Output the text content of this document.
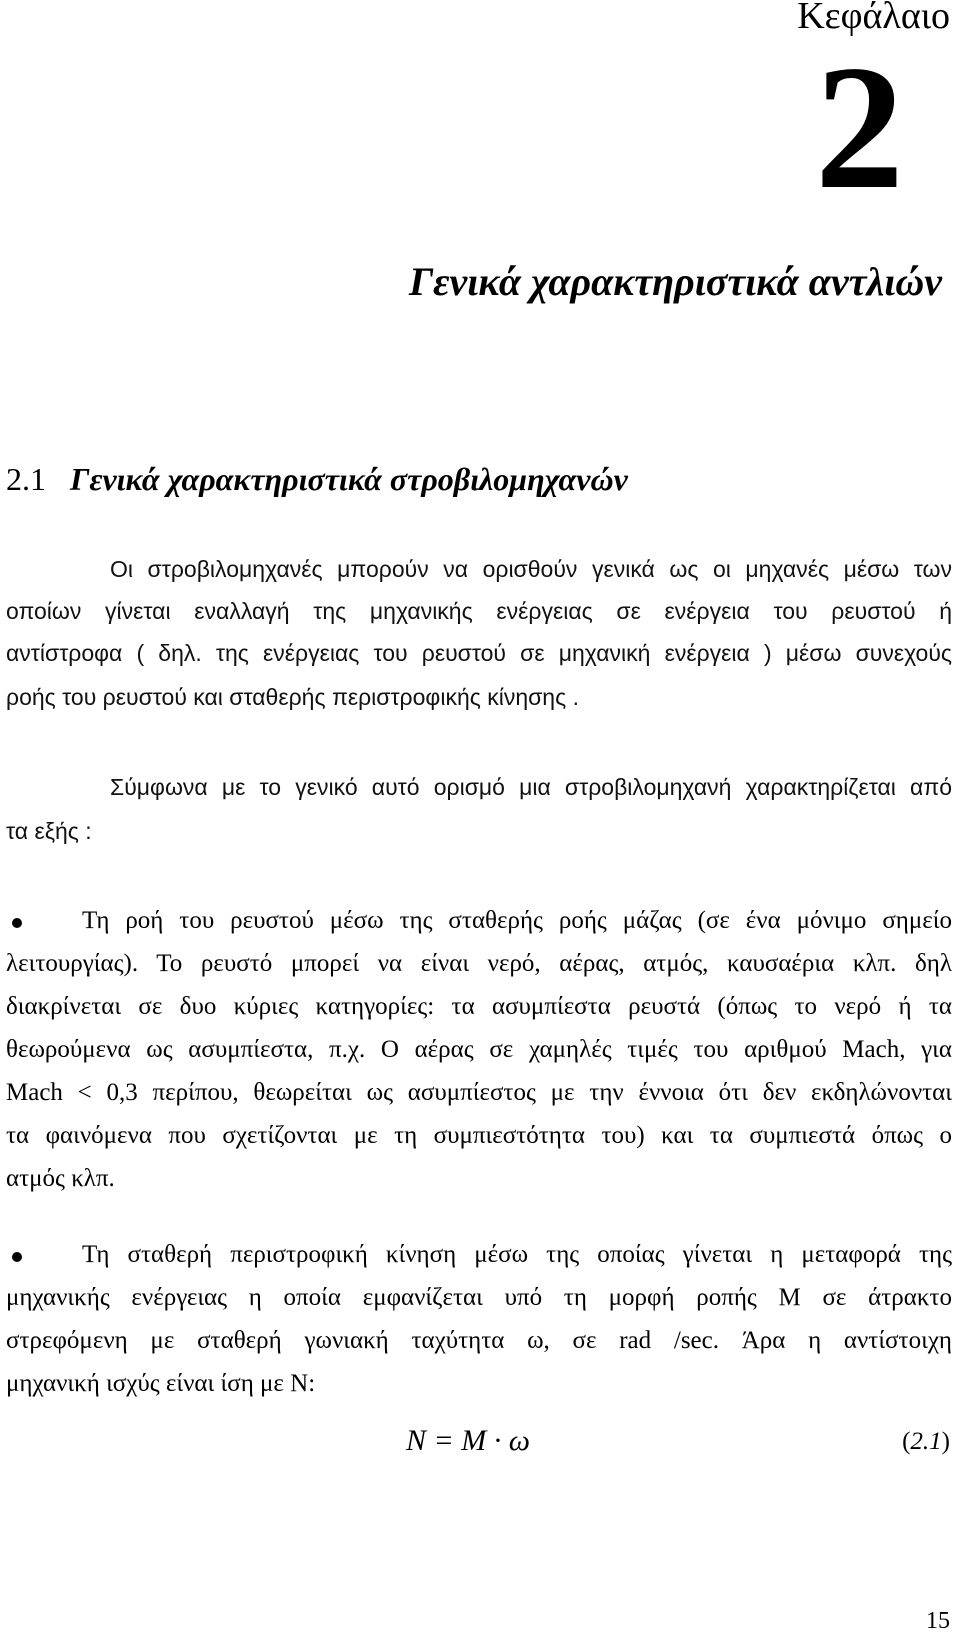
Κεφάλαιο
2
Γενικά χαρακτηριστικά αντλιών
2.1 Γενικά χαρακτηριστικά στροβιλομηχανών
Οι στροβιλομηχανές μπορούν να ορισθούν γενικά ως οι μηχανές μέσω των
οποίων γίνεται εναλλαγή της μηχανικής ενέργειας σε ενέργεια του ρευστού ή
αντίστροφα ( δηλ. της ενέργειας του ρευστού σε μηχανική ενέργεια ) μέσω συνεχούς
ροής του ρευστού και σταθερής περιστροφικής κίνησης .
Σύμφωνα με το γενικό αυτό ορισμό μια στροβιλομηχανή χαρακτηρίζεται από
τα εξής :
Τη ροή του ρευστού μέσω της σταθερής ροής μάζας (σε ένα μόνιμο σημείο
λειτουργίας). Το ρευστό μπορεί να είναι νερό, αέρας, ατμός, καυσαέρια κλπ. δηλ
διακρίνεται σε δυο κύριες κατηγορίες: τα ασυμπίεστα ρευστά (όπως το νερό ή τα
θεωρούμενα ως ασυμπίεστα, π.χ. Ο αέρας σε χαμηλές τιμές του αριθμού Mach, για
Mach < 0,3 περίπου, θεωρείται ως ασυμπίεστος με την έννοια ότι δεν εκδηλώνονται
τα φαινόμενα που σχετίζονται με τη συμπιεστότητα του) και τα συμπιεστά όπως ο
ατμός κλπ.
Τη σταθερή περιστροφική κίνηση μέσω της οποίας γίνεται η μεταφορά της
μηχανικής ενέργειας η οποία εμφανίζεται υπό τη μορφή ροπής Μ σε άτρακτο
στρεφόμενη με σταθερή γωνιακή ταχύτητα ω, σε rad /sec. Άρα η αντίστοιχη
μηχανική ισχύς είναι ίση με Ν:
N = M · ω	(2.1)
15
